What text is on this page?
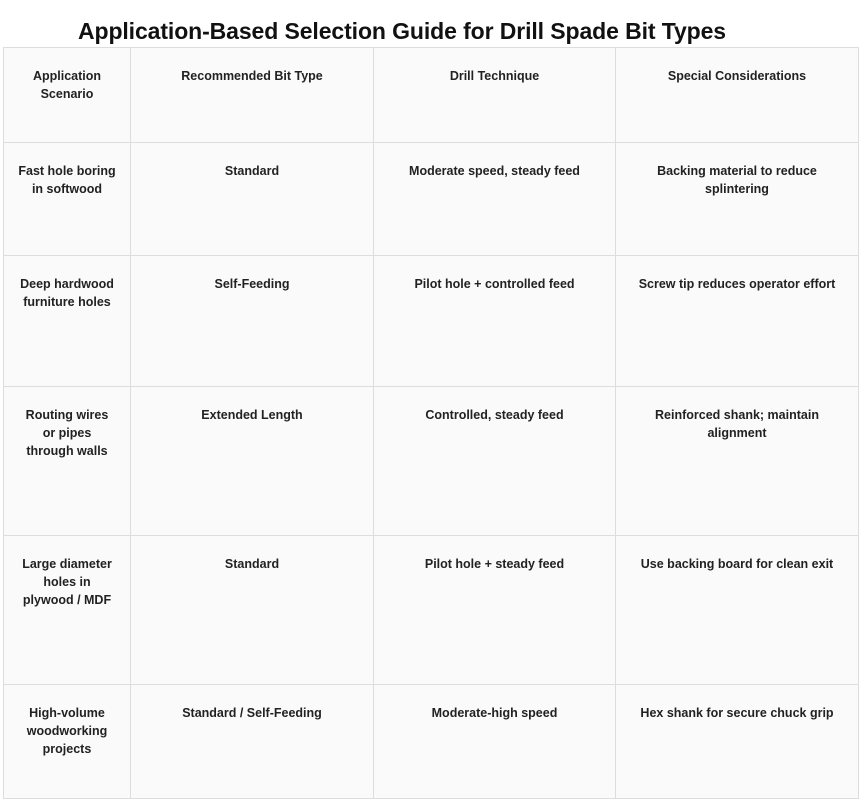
Application-Based Selection Guide for Drill Spade Bit Types
Application Scenario	Recommended Bit Type	Drill Technique	Special Considerations

Fast hole boring in softwood	Standard	Moderate speed, steady feed	Backing material to reduce splintering

Deep hardwood furniture holes	Self-Feeding	Pilot hole + controlled feed	Screw tip reduces operator effort

Routing wires or pipes through walls	Extended Length	Controlled, steady feed	Reinforced shank; maintain alignment

Large diameter holes in plywood / MDF	Standard	Pilot hole + steady feed	Use backing board for clean exit

High-volume woodworking projects	Standard / Self-Feeding	Moderate-high speed	Hex shank for secure chuck grip
